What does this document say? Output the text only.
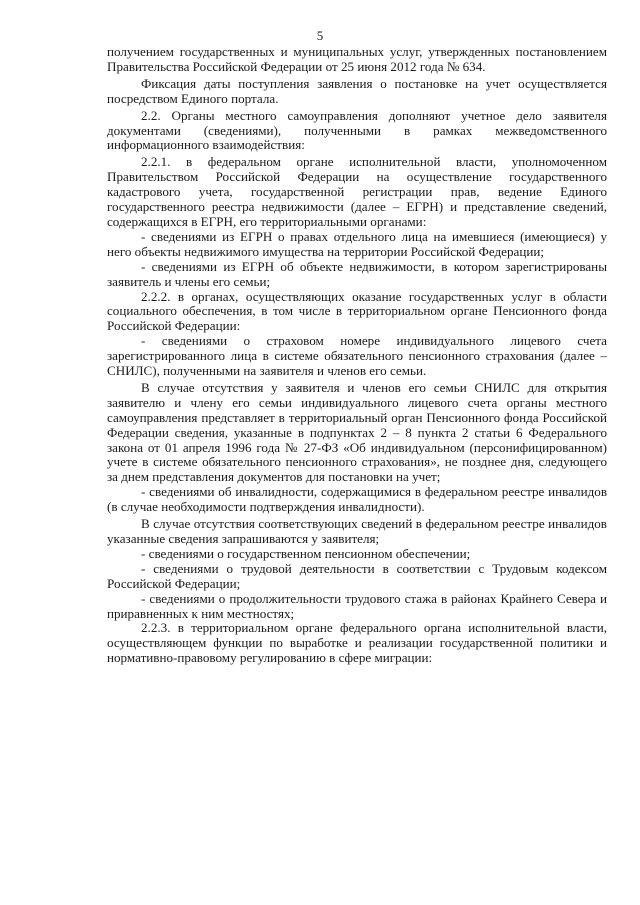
5

получением государственных и муниципальных услуг, утвержденных постановлением Правительства Российской Федерации от 25 июня 2012 года № 634.

Фиксация даты поступления заявления о постановке на учет осуществляется посредством Единого портала.

2.2. Органы местного самоуправления дополняют учетное дело заявителя документами (сведениями), полученными в рамках межведомственного информационного взаимодействия:

2.2.1. в федеральном органе исполнительной власти, уполномоченном Правительством Российской Федерации на осуществление государственного кадастрового учета, государственной регистрации прав, ведение Единого государственного реестра недвижимости (далее – ЕГРН) и представление сведений, содержащихся в ЕГРН, его территориальными органами:

- сведениями из ЕГРН о правах отдельного лица на имевшиеся (имеющиеся) у него объекты недвижимого имущества на территории Российской Федерации;

- сведениями из ЕГРН об объекте недвижимости, в котором зарегистрированы заявитель и члены его семьи;

2.2.2. в органах, осуществляющих оказание государственных услуг в области социального обеспечения, в том числе в территориальном органе Пенсионного фонда Российской Федерации:

- сведениями о страховом номере индивидуального лицевого счета зарегистрированного лица в системе обязательного пенсионного страхования (далее – СНИЛС), полученными на заявителя и членов его семьи.

В случае отсутствия у заявителя и членов его семьи СНИЛС для открытия заявителю и члену его семьи индивидуального лицевого счета органы местного самоуправления представляет в территориальный орган Пенсионного фонда Российской Федерации сведения, указанные в подпунктах 2 – 8 пункта 2 статьи 6 Федерального закона от 01 апреля 1996 года № 27-ФЗ «Об индивидуальном (персонифицированном) учете в системе обязательного пенсионного страхования», не позднее дня, следующего за днем представления документов для постановки на учет;

- сведениями об инвалидности, содержащимися в федеральном реестре инвалидов (в случае необходимости подтверждения инвалидности).

В случае отсутствия соответствующих сведений в федеральном реестре инвалидов указанные сведения запрашиваются у заявителя;

- сведениями о государственном пенсионном обеспечении;

- сведениями о трудовой деятельности в соответствии с Трудовым кодексом Российской Федерации;

- сведениями о продолжительности трудового стажа в районах Крайнего Севера и приравненных к ним местностях;

2.2.3. в территориальном органе федерального органа исполнительной власти, осуществляющем функции по выработке и реализации государственной политики и нормативно-правовому регулированию в сфере миграции:
